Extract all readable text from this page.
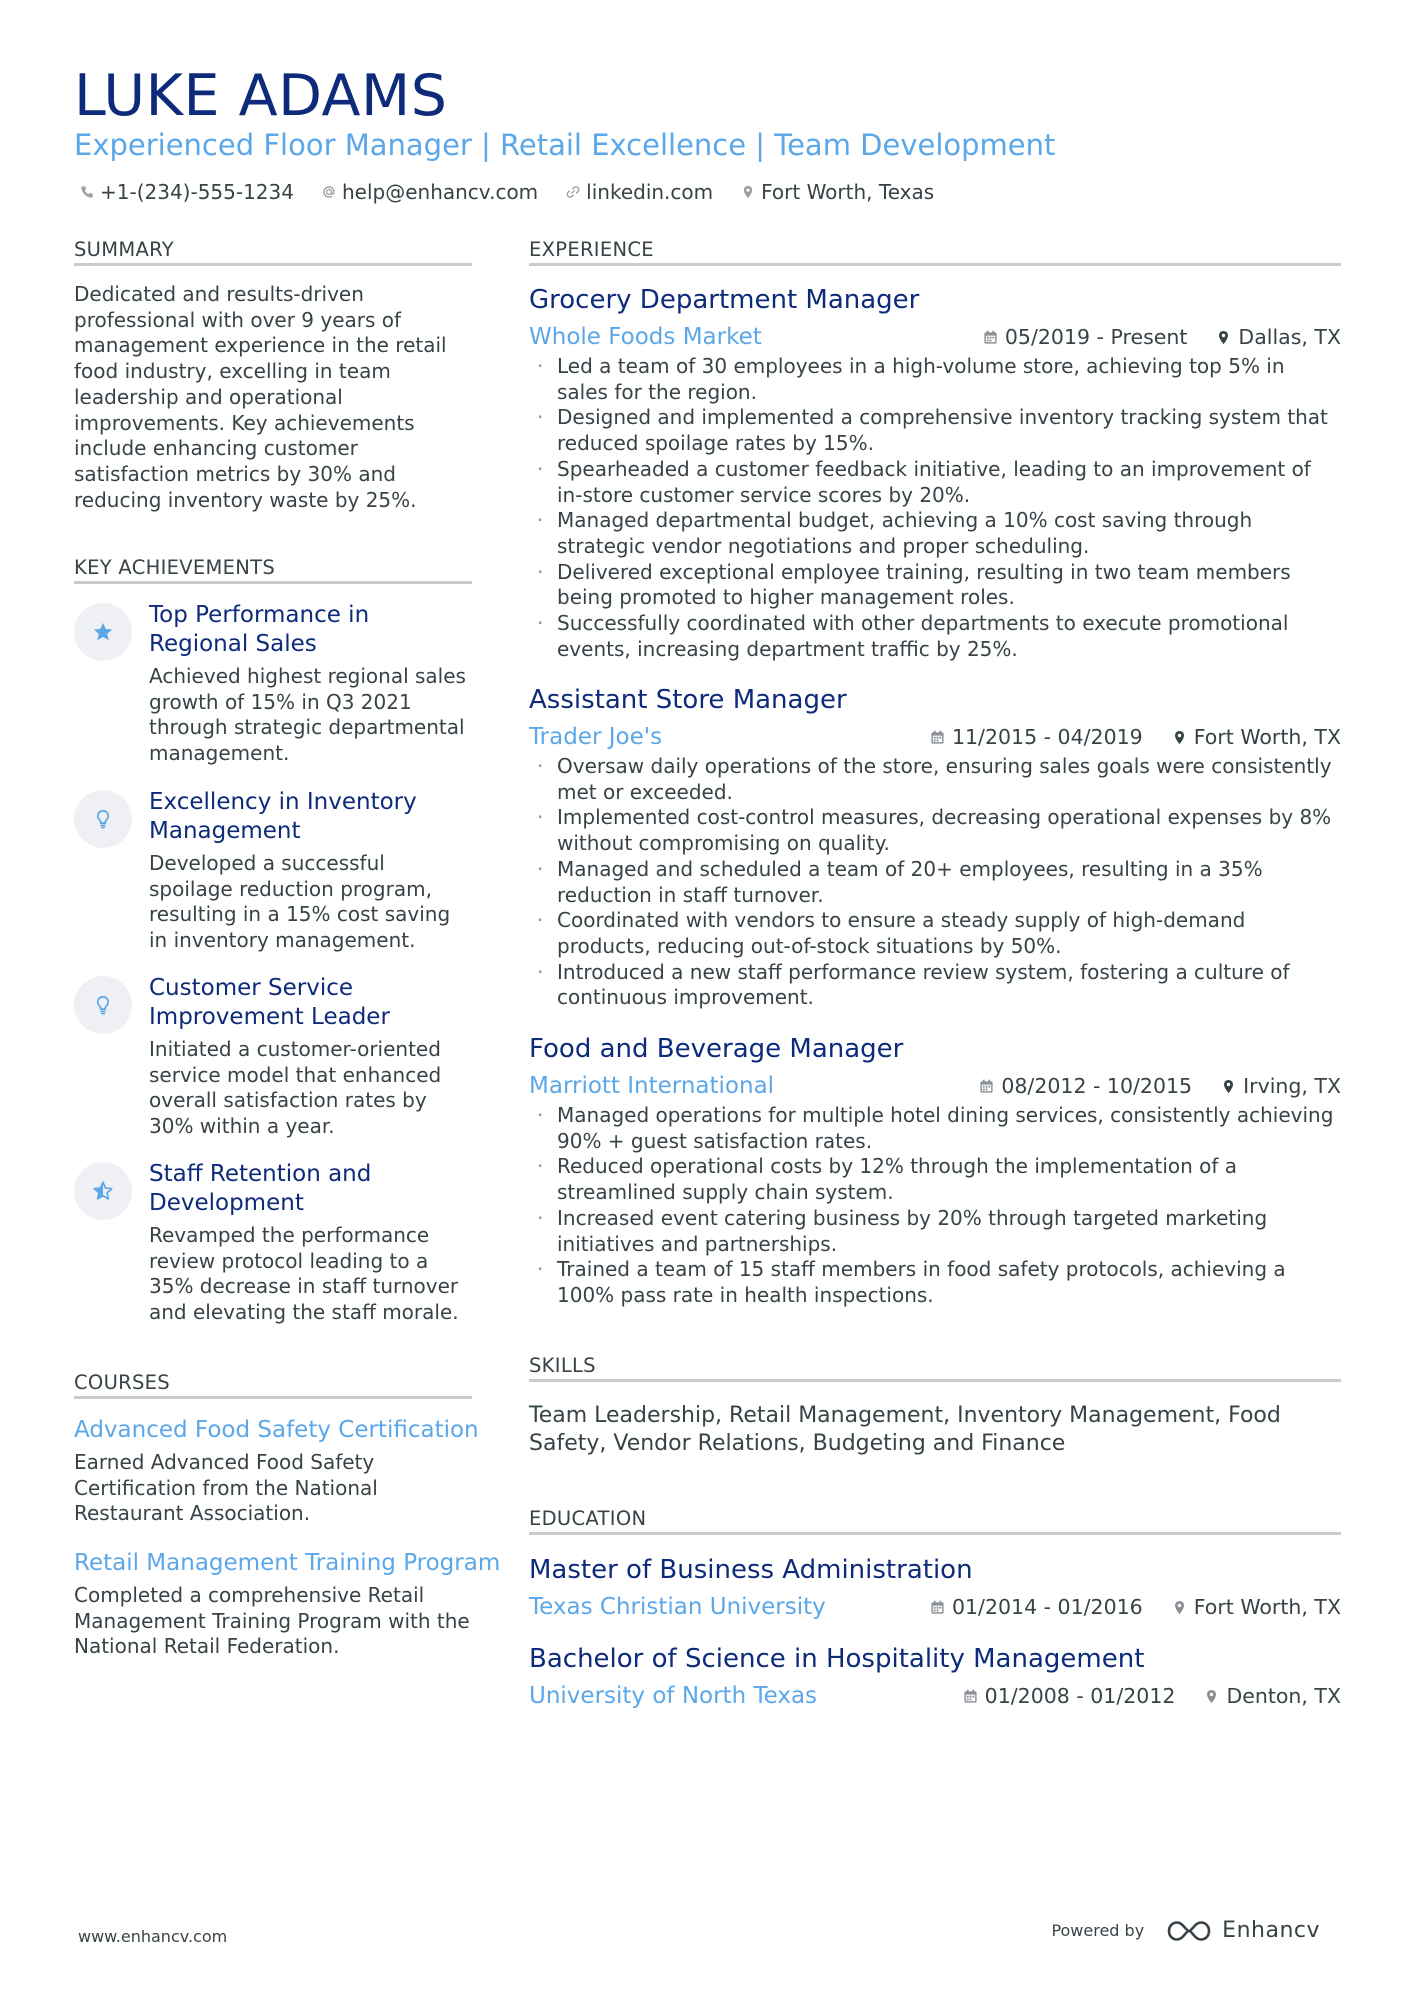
LUKE ADAMS
Experienced Floor Manager | Retail Excellence | Team Development
+1-(234)-555-1234 help@enhancv.com linkedin.com Fort Worth, Texas
SUMMARY

Dedicated and results-driven professional with over 9 years of management experience in the retail food industry, excelling in team leadership and operational improvements. Key achievements include enhancing customer satisfaction metrics by 30% and reducing inventory waste by 25%.

KEY ACHIEVEMENTS
Top Performance in Regional Sales
Achieved highest regional sales growth of 15% in Q3 2021 through strategic departmental management.
Excellency in Inventory Management
Developed a successful spoilage reduction program, resulting in a 15% cost saving in inventory management.
Customer Service Improvement Leader
Initiated a customer-oriented service model that enhanced overall satisfaction rates by 30% within a year.
Staff Retention and Development
Revamped the performance review protocol leading to a 35% decrease in staff turnover and elevating the staff morale.
COURSES
Advanced Food Safety Certification
Earned Advanced Food Safety Certification from the National Restaurant Association.
Retail Management Training Program
Completed a comprehensive Retail Management Training Program with the National Retail Federation.
EXPERIENCE
Grocery Department Manager
Whole Foods Market	05/2019 - Present Dallas, TX
· Led a team of 30 employees in a high-volume store, achieving top 5% in sales for the region.
· Designed and implemented a comprehensive inventory tracking system that reduced spoilage rates by 15%.
· Spearheaded a customer feedback initiative, leading to an improvement of in-store customer service scores by 20%.
· Managed departmental budget, achieving a 10% cost saving through strategic vendor negotiations and proper scheduling.
· Delivered exceptional employee training, resulting in two team members being promoted to higher management roles.
· Successfully coordinated with other departments to execute promotional events, increasing department traffic by 25%.
Assistant Store Manager
Trader Joe's	11/2015 - 04/2019 Fort Worth, TX
· Oversaw daily operations of the store, ensuring sales goals were consistently met or exceeded.
· Implemented cost-control measures, decreasing operational expenses by 8% without compromising on quality.
· Managed and scheduled a team of 20+ employees, resulting in a 35% reduction in staff turnover.
· Coordinated with vendors to ensure a steady supply of high-demand products, reducing out-of-stock situations by 50%.
· Introduced a new staff performance review system, fostering a culture of continuous improvement.
Food and Beverage Manager
Marriott International	08/2012 - 10/2015 Irving, TX
· Managed operations for multiple hotel dining services, consistently achieving 90% + guest satisfaction rates.
· Reduced operational costs by 12% through the implementation of a streamlined supply chain system.
· Increased event catering business by 20% through targeted marketing initiatives and partnerships.
· Trained a team of 15 staff members in food safety protocols, achieving a 100% pass rate in health inspections.
SKILLS

Team Leadership, Retail Management, Inventory Management, Food Safety, Vendor Relations, Budgeting and Finance

EDUCATION
Master of Business Administration
Texas Christian University	01/2014 - 01/2016 Fort Worth, TX
Bachelor of Science in Hospitality Management
University of North Texas	01/2008 - 01/2012 Denton, TX
www.enhancv.com	Powered by	Enhancv
